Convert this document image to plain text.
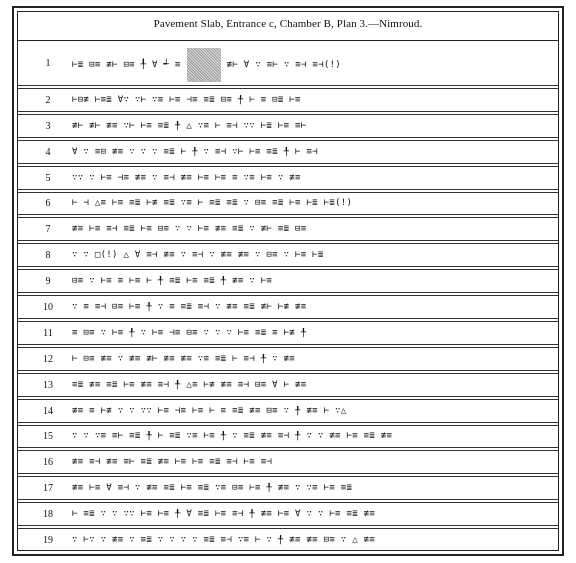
Pavement Slab, Entrance c, Chamber B, Plan 3.—Nimroud.
1	⊢≣ ⊟≡ ≢⊢ ⊟≡ ╀ ∀ ┵ ≡	≢⊢ ∀ ∵ ≡⊢ ∵ ≡⊣ ≡⊣(!)
2	⊢⊟≢ ⊢≡≣ ∀∵ ∵⊢ ∵≡ ⊢≡ ⊣≡ ≡≣ ⊟≡ ╀ ⊢ ≡ ⊟≣ ⊢≡
3	≢⊢ ≢⊢ ≢≡ ∵⊢ ⊢≡ ≡≣ ╀ △ ∵≡ ⊢ ≡⊣ ∵∵ ⊢≣ ⊢≡ ≡⊢
4	∀ ∵ ≡⊟ ≢≡ ∵ ∵ ∵ ≡≣ ⊢ ╀ ∵ ≡⊣ ∵⊢ ⊢≡ ≡≣ ╀ ⊢ ≡⊣
5	∵∵ ∵ ⊢≡ ⊣≡ ≢≡ ∵ ≡⊣ ≢≡ ⊢≡ ⊢≡ ≡ ∵≡ ⊢≡ ∵ ≢≡
6	⊢ ⊣ △≡ ⊢≡ ≡≣ ⊢≢ ≡≣ ∵≡ ⊢ ≡≣ ≡≣ ∵ ⊟≡ ≡≣ ⊢≡ ⊢≣ ⊢≣(!)
7	≢≡ ⊢≡ ≡⊣ ≡≣ ⊢≡ ⊟≡ ∵ ∵ ⊢≡ ≢≡ ≡≣ ∵ ≢⊢ ≡≣ ⊟≡
8	∵ ∵ □(!) △ ∀ ≡⊣ ≢≡ ∵ ≡⊣ ∵ ≢≡ ≢≡ ∵ ⊟≡ ∵ ⊢≡ ⊢≣
9	⊟≡ ∵ ⊢≡ ≡ ⊢≡ ⊢ ╀ ≡≣ ⊢≡ ≡≣ ╀ ≢≡ ∵ ⊢≡
10	∵ ≡ ≡⊣ ⊟≡ ⊢≡ ╀ ∵ ≡ ≡≣ ≡⊣ ∵ ≢≡ ≡≣ ≢⊢ ⊢≢ ≢≡
11	≡ ⊟≡ ∵ ⊢≡ ╀ ∵ ⊢≡ ⊣≡ ⊟≡ ∵ ∵ ∵ ⊢≡ ≡≣ ≡ ⊢≢ ╀
12	⊢ ⊟≡ ≢≡ ∵ ≢≡ ≢⊢ ≢≡ ≢≡ ∵≡ ≡≣ ⊢ ≡⊣ ╀ ∵ ≢≡
13	≡≣ ≢≡ ≡≣ ⊢≡ ≢≡ ≡⊣ ╀ △≡ ⊢≢ ≢≡ ≡⊣ ⊟≡ ∀ ⊢ ≢≡
14	≢≡ ≡ ⊢≢ ∵ ∵ ∵∵ ⊢≡ ⊣≡ ⊢≡ ⊢ ≡ ≡≣ ≢≡ ⊟≡ ∵ ╀ ≢≡ ⊢ ∵△
15	∵ ∵ ∵≡ ≡⊢ ≡≣ ╀ ⊢ ≡≣ ∵≡ ⊢≡ ╀ ∵ ≡≣ ≢≡ ≡⊣ ╀ ∵ ∵ ≢≡ ⊢≡ ≡≣ ≢≡
16	≢≡ ≡⊣ ≢≡ ≡⊢ ≡≣ ≢≡ ⊢≡ ⊢≡ ≡≣ ≡⊣ ⊢≡ ≡⊣
17	≢≡ ⊢≡ ∀ ≡⊣ ∵ ≢≡ ≡≣ ⊢≡ ≡≣ ∵≡ ⊟≡ ⊢≡ ╀ ≢≡ ∵ ∵≡ ⊢≡ ≡≣
18	⊢ ≡≣ ∵ ∵ ∵∵ ⊢≡ ⊢≡ ╀ ∀ ≡≣ ⊢≡ ≡⊣ ╀ ≢≡ ⊢≡ ∀ ∵ ∵ ⊢≡ ≡≣ ≢≡
19	∵ ⊢∵ ∵ ≢≡ ∵ ≡≣ ∵ ∵ ∵ ∵ ≡≣ ≡⊣ ∵≡ ⊢ ∵ ╀ ≢≡ ≢≡ ⊟≡ ∵ △ ≢≡
